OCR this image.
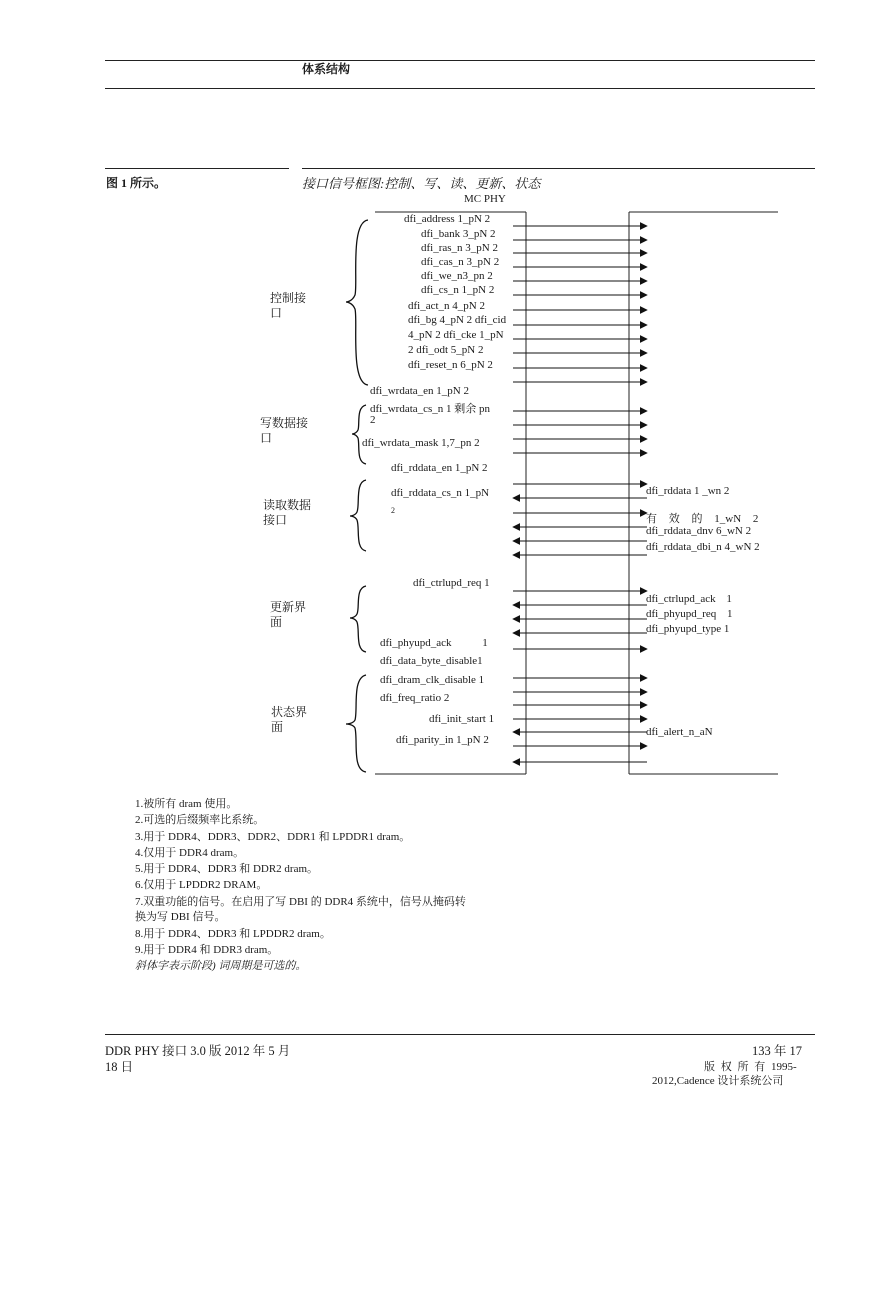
体系结构
图 1 所示。	接口信号框图:控制、写、读、更新、状态
MC PHY
控制接口
写数据接口
读取数据接口
更新界面
状态界面
dfi_address 1_pN 2
dfi_bank 3_pN 2
dfi_ras_n 3_pN 2
dfi_cas_n 3_pN 2
dfi_we_n3_pn 2
dfi_cs_n 1_pN 2
dfi_act_n 4_pN 2
dfi_bg 4_pN 2 dfi_cid
4_pN 2 dfi_cke 1_pN
2 dfi_odt 5_pN 2
dfi_reset_n 6_pN 2
dfi_wrdata_en 1_pN 2
dfi_wrdata_cs_n 1 剩余 pn
2
dfi_wrdata_mask 1,7_pn 2
dfi_rddata_en 1_pN 2
dfi_rddata_cs_n 1_pN
2
dfi_ctrlupd_req 1
dfi_phyupd_ack 1
dfi_data_byte_disable1
dfi_dram_clk_disable 1
dfi_freq_ratio 2
dfi_init_start 1
dfi_parity_in 1_pN 2
dfi_rddata 1 _wn 2
有 效 的 1_wN 2
dfi_rddata_dnv 6_wN 2
dfi_rddata_dbi_n 4_wN 2
dfi_ctrlupd_ack 1
dfi_phyupd_req 1
dfi_phyupd_type 1
dfi_alert_n_aN
1.被所有 dram 使用。
2.可选的后缀频率比系统。
3.用于 DDR4、DDR3、DDR2、DDR1 和 LPDDR1 dram。
4.仅用于 DDR4 dram。
5.用于 DDR4、DDR3 和 DDR2 dram。
6.仅用于 LPDDR2 DRAM。
7.双重功能的信号。在启用了写 DBI 的 DDR4 系统中，信号从掩码转
换为写 DBI 信号。
8.用于 DDR4、DDR3 和 LPDDR2 dram。
9.用于 DDR4 和 DDR3 dram。
斜体字表示阶段) 词周期是可选的。
DDR PHY 接口 3.0 版 2012 年 5 月
18 日
133 年 17
版 权 所 有 1995-
2012,Cadence 设计系统公司
